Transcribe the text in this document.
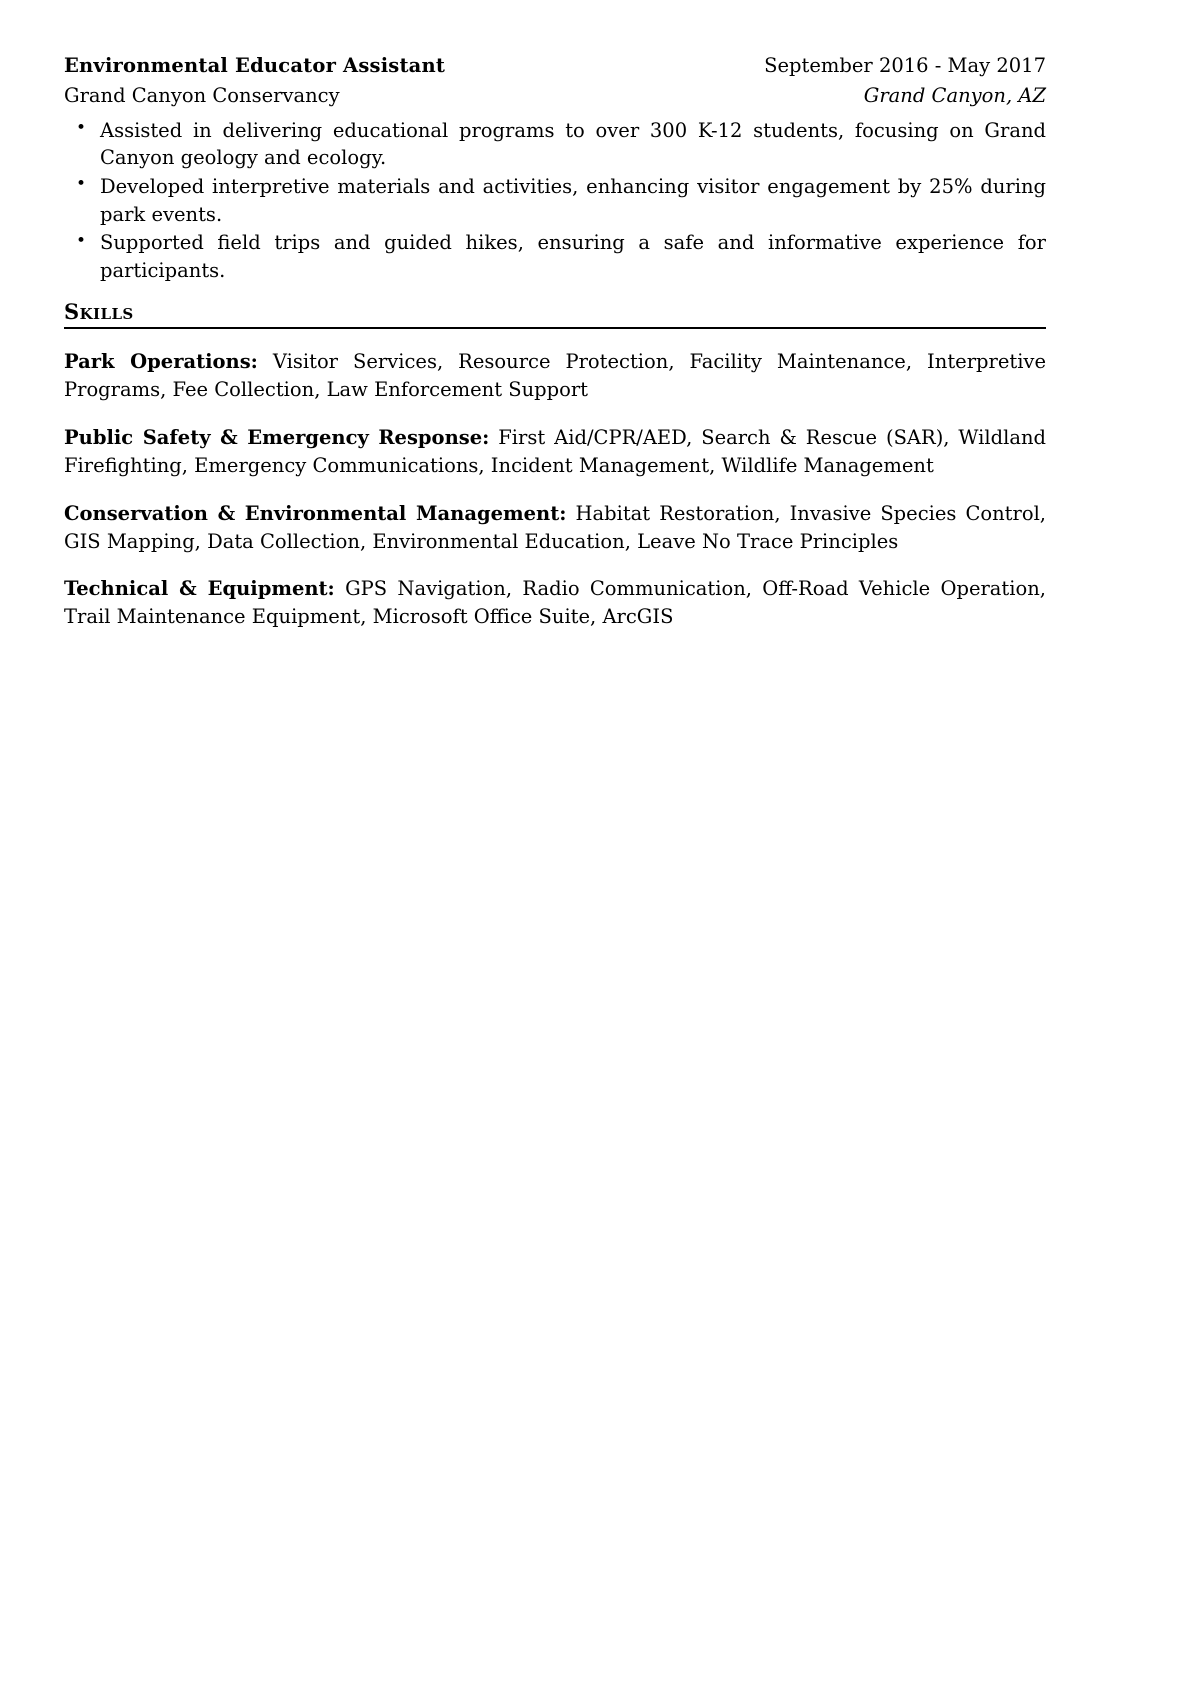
Environmental Educator Assistant	September 2016 - May 2017
Grand Canyon Conservancy	Grand Canyon, AZ
• Assisted in delivering educational programs to over 300 K-12 students, focusing on Grand Canyon geology and ecology.
• Developed interpretive materials and activities, enhancing visitor engagement by 25% during park events.
• Supported field trips and guided hikes, ensuring a safe and informative experience for participants.
Skills

Park Operations: Visitor Services, Resource Protection, Facility Maintenance, Interpretive Programs, Fee Collection, Law Enforcement Support

Public Safety & Emergency Response: First Aid/CPR/AED, Search & Rescue (SAR), Wildland Firefighting, Emergency Communications, Incident Management, Wildlife Management

Conservation & Environmental Management: Habitat Restoration, Invasive Species Control, GIS Mapping, Data Collection, Environmental Education, Leave No Trace Principles

Technical & Equipment: GPS Navigation, Radio Communication, Off-Road Vehicle Operation, Trail Maintenance Equipment, Microsoft Office Suite, ArcGIS
